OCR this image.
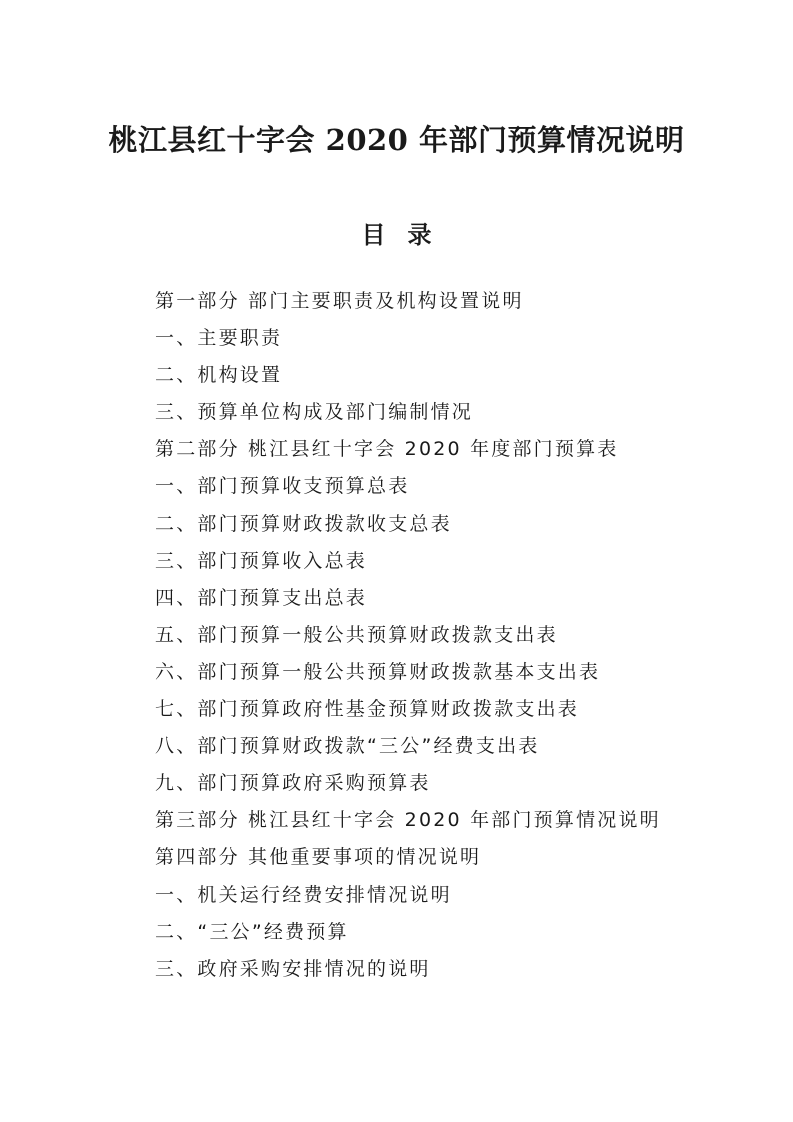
桃江县红十字会 2020 年部门预算情况说明
目 录
第一部分 部门主要职责及机构设置说明
一、主要职责
二、机构设置
三、预算单位构成及部门编制情况
第二部分 桃江县红十字会 2020 年度部门预算表
一、部门预算收支预算总表
二、部门预算财政拨款收支总表
三、部门预算收入总表
四、部门预算支出总表
五、部门预算一般公共预算财政拨款支出表
六、部门预算一般公共预算财政拨款基本支出表
七、部门预算政府性基金预算财政拨款支出表
八、部门预算财政拨款“三公”经费支出表
九、部门预算政府采购预算表
第三部分 桃江县红十字会 2020 年部门预算情况说明
第四部分 其他重要事项的情况说明
一、机关运行经费安排情况说明
二、“三公”经费预算
三、政府采购安排情况的说明
